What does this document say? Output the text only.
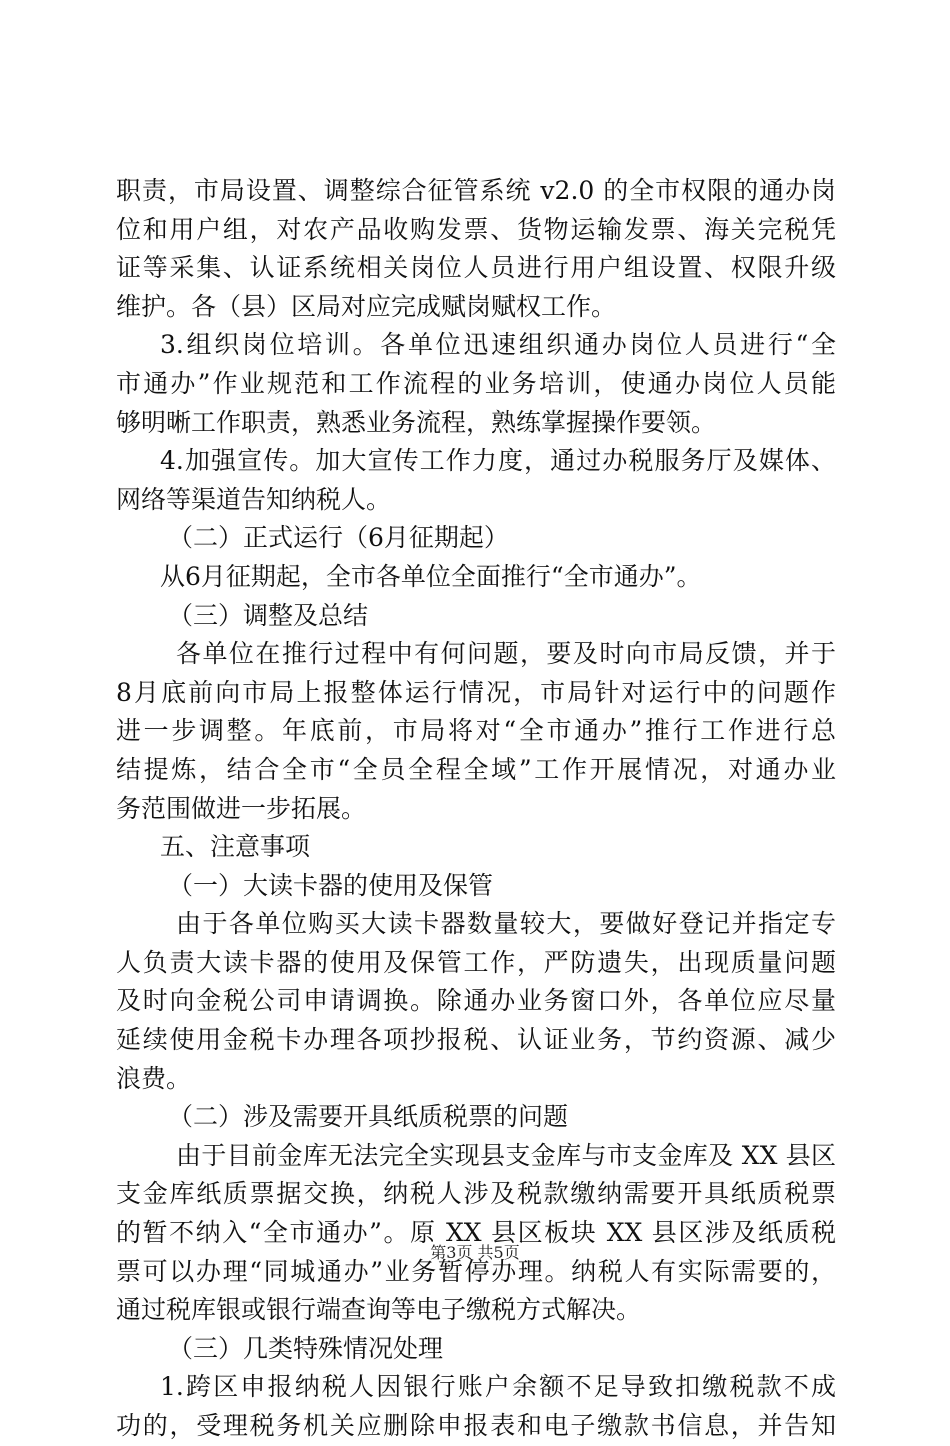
职责，市局设置、调整综合征管系统 v2.0 的全市权限的通办岗
位和用户组，对农产品收购发票、货物运输发票、海关完税凭
证等采集、认证系统相关岗位人员进行用户组设置、权限升级
维护。各（县）区局对应完成赋岗赋权工作。
3.组织岗位培训。各单位迅速组织通办岗位人员进行“全
市通办”作业规范和工作流程的业务培训，使通办岗位人员能
够明晰工作职责，熟悉业务流程，熟练掌握操作要领。
4.加强宣传。加大宣传工作力度，通过办税服务厅及媒体、
网络等渠道告知纳税人。
（二）正式运行（6月征期起）
从6月征期起，全市各单位全面推行“全市通办”。
（三）调整及总结
各单位在推行过程中有何问题，要及时向市局反馈，并于
8月底前向市局上报整体运行情况，市局针对运行中的问题作
进一步调整。年底前，市局将对“全市通办”推行工作进行总
结提炼，结合全市“全员全程全域”工作开展情况，对通办业
务范围做进一步拓展。
五、注意事项
（一）大读卡器的使用及保管
由于各单位购买大读卡器数量较大，要做好登记并指定专
人负责大读卡器的使用及保管工作，严防遗失，出现质量问题
及时向金税公司申请调换。除通办业务窗口外，各单位应尽量
延续使用金税卡办理各项抄报税、认证业务，节约资源、减少
浪费。
（二）涉及需要开具纸质税票的问题
由于目前金库无法完全实现县支金库与市支金库及 XX 县区
支金库纸质票据交换，纳税人涉及税款缴纳需要开具纸质税票
的暂不纳入“全市通办”。原 XX 县区板块 XX 县区涉及纸质税
票可以办理“同城通办”业务暂停办理。纳税人有实际需要的，
通过税库银或银行端查询等电子缴税方式解决。
（三）几类特殊情况处理
1.跨区申报纳税人因银行账户余额不足导致扣缴税款不成
功的，受理税务机关应删除申报表和电子缴款书信息，并告知
第3页 共5页
